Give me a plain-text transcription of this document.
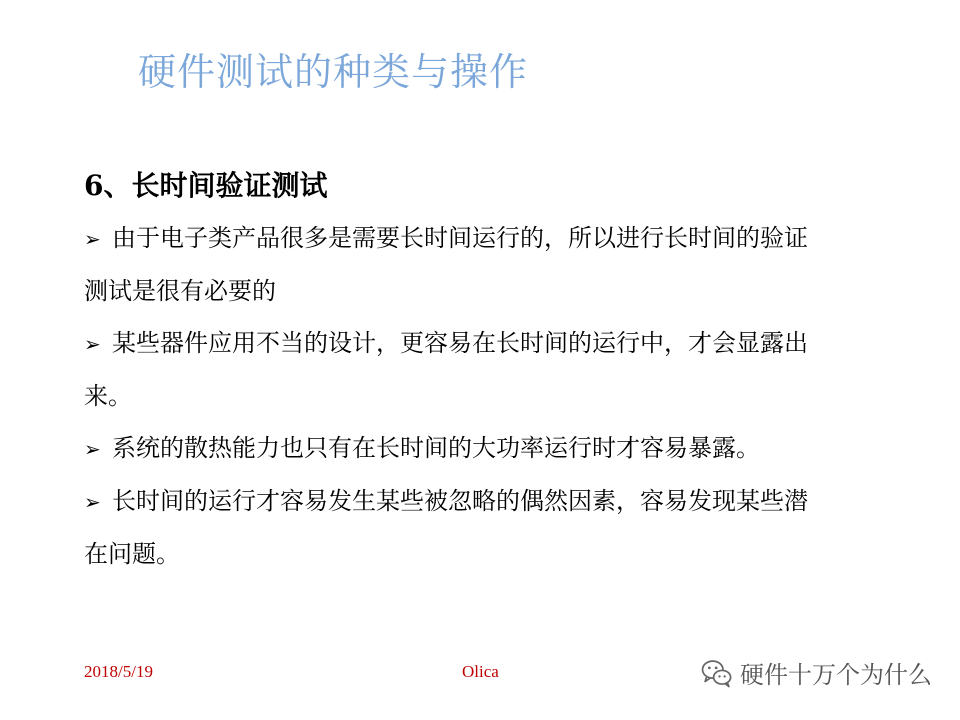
硬件测试的种类与操作
6、长时间验证测试
➢ 由于电子类产品很多是需要长时间运行的，所以进行长时间的验证
测试是很有必要的
➢ 某些器件应用不当的设计，更容易在长时间的运行中，才会显露出
来。
➢ 系统的散热能力也只有在长时间的大功率运行时才容易暴露。
➢ 长时间的运行才容易发生某些被忽略的偶然因素，容易发现某些潜
在问题。
2018/5/19	Olica	硬件十万个为什么
